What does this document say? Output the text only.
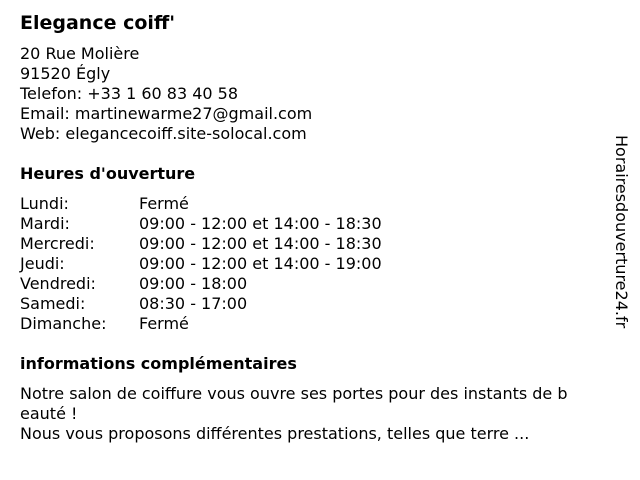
Elegance coiff'
20 Rue Molière
91520 Égly
Telefon: +33 1 60 83 40 58
Email: martinewarme27@gmail.com
Web: elegancecoiff.site-solocal.com
Heures d'ouverture
Lundi:	Fermé
Mardi:	09:00 - 12:00 et 14:00 - 18:30
Mercredi:	09:00 - 12:00 et 14:00 - 18:30
Jeudi:	09:00 - 12:00 et 14:00 - 19:00
Vendredi:	09:00 - 18:00
Samedi:	08:30 - 17:00
Dimanche: Fermé
informations complémentaires
Notre salon de coiffure vous ouvre ses portes pour des instants de b
eauté !
Nous vous proposons différentes prestations, telles que terre ...
Horairesdouverture24.fr
